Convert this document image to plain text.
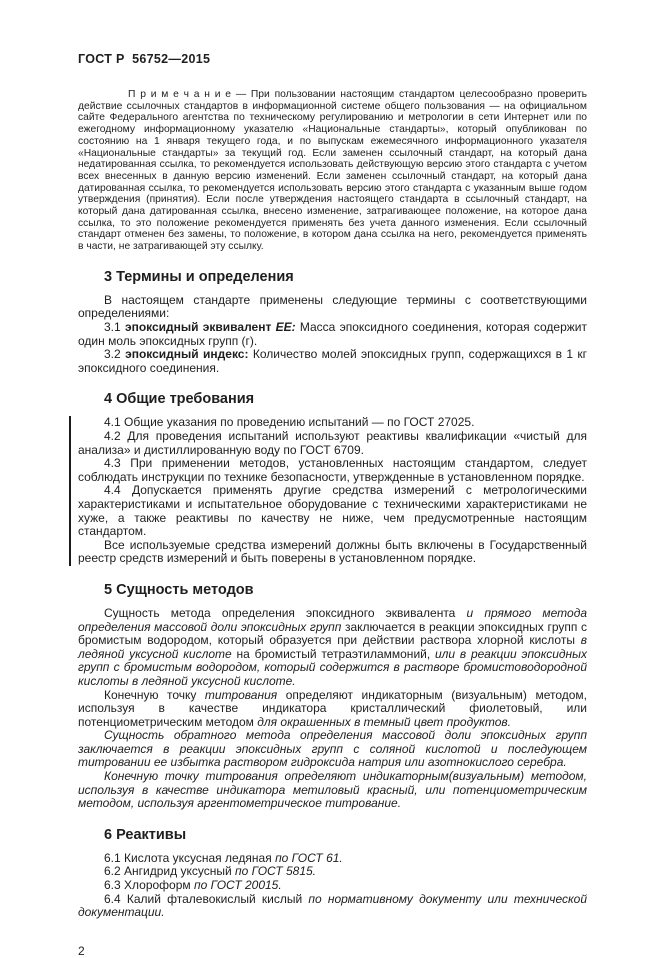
ГОСТ Р  56752—2015

П р и м е ч а н и е — При пользовании настоящим стандартом целесообразно проверить действие ссылочных стандартов в информационной системе общего пользования — на официальном сайте Федерального агентства по техническому регулированию и метрологии в сети Интернет или по ежегодному информационному указателю «Национальные стандарты», который опубликован по состоянию на 1 января текущего года, и по выпускам ежемесячного информационного указателя «Национальные стандарты» за текущий год. Если заменен ссылочный стандарт, на который дана недатированная ссылка, то рекомендуется использовать действующую версию этого стандарта с учетом всех внесенных в данную версию изменений. Если заменен ссылочный стандарт, на который дана датированная ссылка, то рекомендуется использовать версию этого стандарта с указанным выше годом утверждения (принятия). Если после утверждения настоящего стандарта в ссылочный стандарт, на который дана датированная ссылка, внесено изменение, затрагивающее положение, на которое дана ссылка, то это положение рекомендуется применять без учета данного изменения. Если ссылочный стандарт отменен без замены, то положение, в котором дана ссылка на него, рекомендуется применять в части, не затрагивающей эту ссылку.

3 Термины и определения

В настоящем стандарте применены следующие термины с соответствующими определениями:

3.1 эпоксидный эквивалент ЕЕ: Масса эпоксидного соединения, которая содержит один моль эпоксидных групп (г).

3.2 эпоксидный индекс: Количество молей эпоксидных групп, содержащихся в 1 кг эпоксидного соединения.

4 Общие требования

4.1 Общие указания по проведению испытаний — по ГОСТ 27025.

4.2 Для проведения испытаний используют реактивы квалификации «чистый для анализа» и дистиллированную воду по ГОСТ 6709.

4.3 При применении методов, установленных настоящим стандартом, следует соблюдать инструкции по технике безопасности, утвержденные в установленном порядке.

4.4 Допускается применять другие средства измерений с метрологическими характеристиками и испытательное оборудование с техническими характеристиками не хуже, а также реактивы по качеству не ниже, чем предусмотренные настоящим стандартом.

Все используемые средства измерений должны быть включены в Государственный реестр средств измерений и быть поверены в установленном порядке.

5 Сущность методов

Сущность метода определения эпоксидного эквивалента и прямого метода определения массовой доли эпоксидных групп заключается в реакции эпоксидных групп с бромистым водородом, который образуется при действии раствора хлорной кислоты в ледяной уксусной кислоте на бромистый тетраэтиламмоний, или в реакции эпоксидных групп с бромистым водородом, который содержится в растворе бромистоводородной кислоты в ледяной уксусной кислоте.

Конечную точку титрования определяют индикаторным (визуальным) методом, используя в качестве индикатора кристаллический фиолетовый, или потенциометрическим методом для окрашенных в темный цвет продуктов.

Сущность обратного метода определения массовой доли эпоксидных групп заключается в реакции эпоксидных групп с соляной кислотой и последующем титровании ее избытка раствором гидроксида натрия или азотнокислого серебра.

Конечную точку титрования определяют индикаторным(визуальным) методом, используя в качестве индикатора метиловый красный, или потенциометрическим методом, используя аргентометрическое титрование.

6 Реактивы

6.1 Кислота уксусная ледяная по ГОСТ 61.

6.2 Ангидрид уксусный по ГОСТ 5815.

6.3 Хлороформ по ГОСТ 20015.

6.4 Калий фталевокислый кислый по нормативному документу или технической документации.

2
